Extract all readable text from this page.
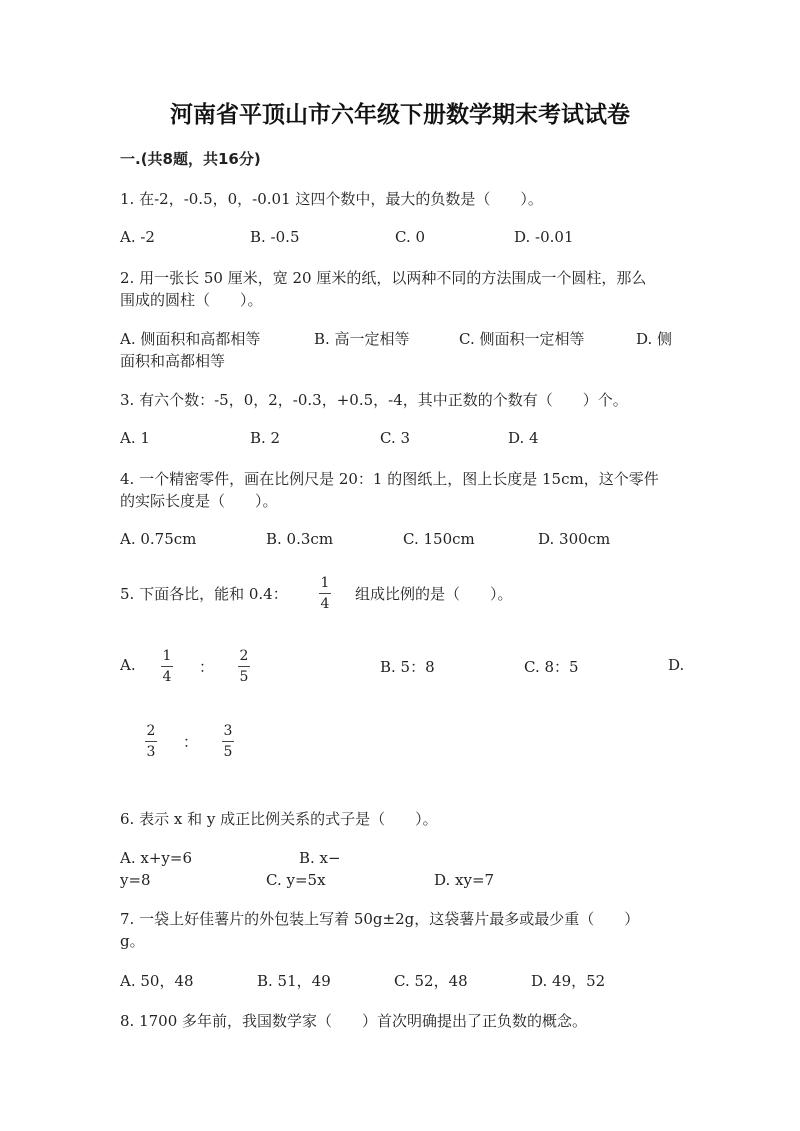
河南省平顶山市六年级下册数学期末考试试卷
一.(共8题，共16分)
1. 在-2，-0.5，0，-0.01 这四个数中，最大的负数是（　　）。
A. -2	B. -0.5	C. 0	D. -0.01
2. 用一张长 50 厘米，宽 20 厘米的纸，以两种不同的方法围成一个圆柱，那么
围成的圆柱（　　）。
A. 侧面积和高都相等	B. 高一定相等	C. 侧面积一定相等	D. 侧
面积和高都相等
3. 有六个数：-5，0，2，-0.3，+0.5，-4，其中正数的个数有（　　）个。
A. 1	B. 2	C. 3	D. 4
4. 一个精密零件，画在比例尺是 20：1 的图纸上，图上长度是 15cm，这个零件
的实际长度是（　　）。
A. 0.75cm	B. 0.3cm	C. 150cm	D. 300cm
5. 下面各比，能和 0.4：
1
4
组成比例的是（　　）。
A. 1
4
：
2
5
B. 5：8	C. 8：5	D.
2
3
：
3
5
6. 表示 x 和 y 成正比例关系的式子是（　　）。
A. x+y=6	B. x−
y=8	C. y=5x	D. xy=7
7. 一袋上好佳薯片的外包装上写着 50g±2g，这袋薯片最多或最少重（　　）
g。
A. 50，48	B. 51，49	C. 52，48	D. 49，52
8. 1700 多年前，我国数学家（　　）首次明确提出了正负数的概念。
